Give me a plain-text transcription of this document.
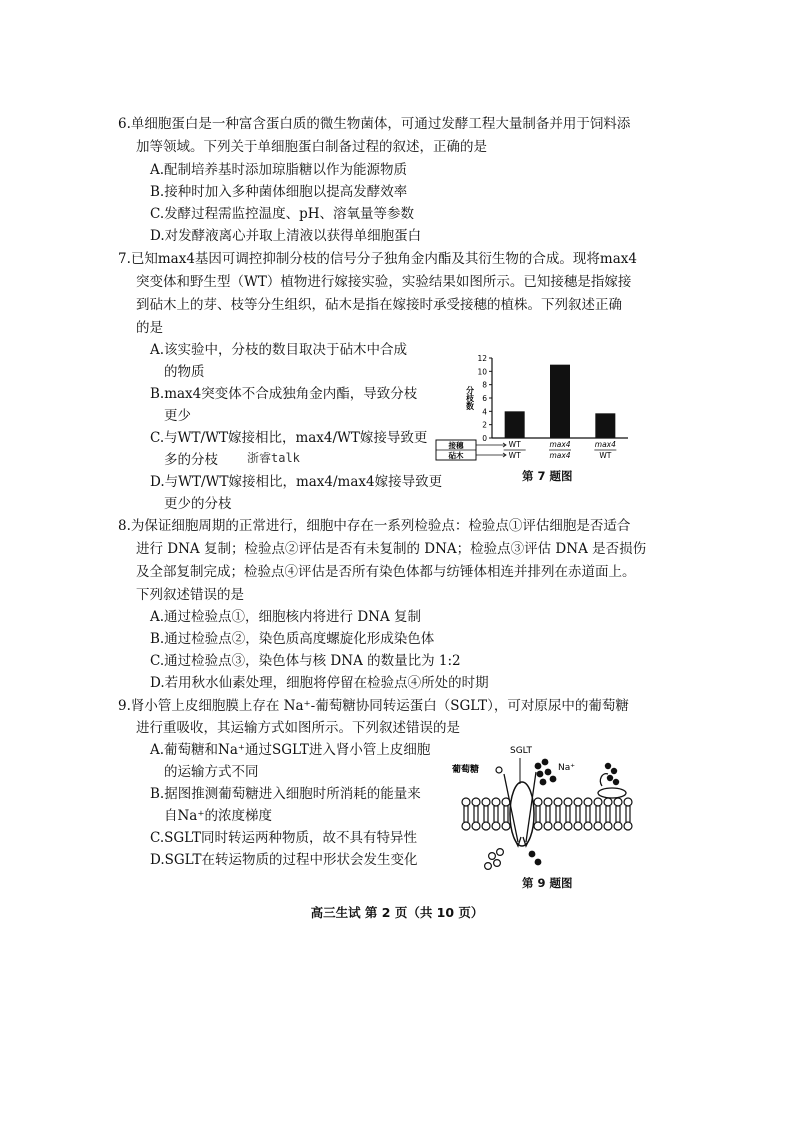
6.单细胞蛋白是一种富含蛋白质的微生物菌体，可通过发酵工程大量制备并用于饲料添
加等领域。下列关于单细胞蛋白制备过程的叙述，正确的是
A.配制培养基时添加琼脂糖以作为能源物质
B.接种时加入多种菌体细胞以提高发酵效率
C.发酵过程需监控温度、pH、溶氧量等参数
D.对发酵液离心并取上清液以获得单细胞蛋白
7.已知max4基因可调控抑制分枝的信号分子独角金内酯及其衍生物的合成。现将max4
突变体和野生型（WT）植物进行嫁接实验，实验结果如图所示。已知接穗是指嫁接
到砧木上的芽、枝等分生组织，砧木是指在嫁接时承受接穗的植株。下列叙述正确
的是
A.该实验中，分枝的数目取决于砧木中合成
的物质
B.max4突变体不合成独角金内酯，导致分枝
更少
C.与WT/WT嫁接相比，max4/WT嫁接导致更
多的分枝 浙睿talk
D.与WT/WT嫁接相比，max4/max4嫁接导致更
更少的分枝
0
2
4
6
8
10
12
分枝数
WT
WT
max4
max4
max4
WT
接穗
砧木
第 7 题图
8.为保证细胞周期的正常进行，细胞中存在一系列检验点：检验点①评估细胞是否适合
进行 DNA 复制；检验点②评估是否有未复制的 DNA；检验点③评估 DNA 是否损伤
及全部复制完成；检验点④评估是否所有染色体都与纺锤体相连并排列在赤道面上。
下列叙述错误的是
A.通过检验点①，细胞核内将进行 DNA 复制
B.通过检验点②，染色质高度螺旋化形成染色体
C.通过检验点③，染色体与核 DNA 的数量比为 1:2
D.若用秋水仙素处理，细胞将停留在检验点④所处的时期
9.肾小管上皮细胞膜上存在 Na⁺-葡萄糖协同转运蛋白（SGLT），可对原尿中的葡萄糖
进行重吸收，其运输方式如图所示。下列叙述错误的是
A.葡萄糖和Na⁺通过SGLT进入肾小管上皮细胞
的运输方式不同
B.据图推测葡萄糖进入细胞时所消耗的能量来
自Na⁺的浓度梯度
C.SGLT同时转运两种物质，故不具有特异性
D.SGLT在转运物质的过程中形状会发生变化
SGLT
葡萄糖	Na⁺
第 9 题图
高三生试 第 2 页（共 10 页）
